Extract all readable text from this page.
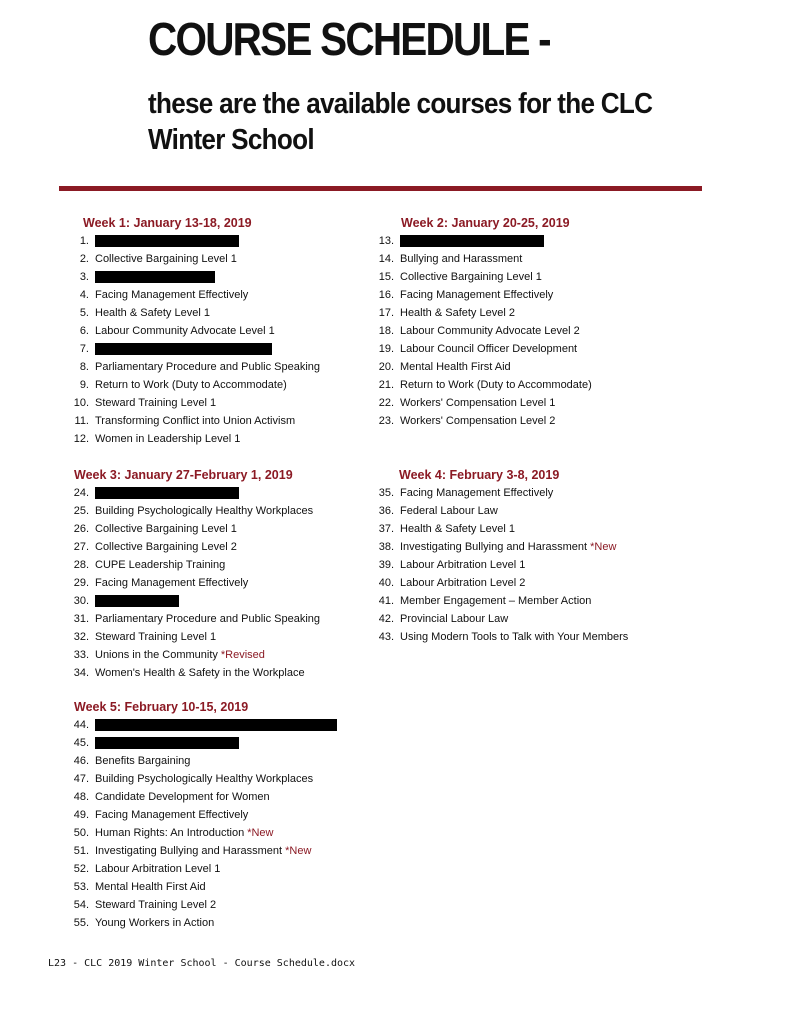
COURSE SCHEDULE -
these are the available courses for the CLC Winter School
Week 1: January 13-18, 2019
1. BCGEU Organizing Academy
2. Collective Bargaining Level 1
3. CUPW Leadership Skills
4. Facing Management Effectively
5. Health & Safety Level 1
6. Labour Community Advocate Level 1
7. MoveUP Strategic Planning Session
8. Parliamentary Procedure and Public Speaking
9. Return to Work (Duty to Accommodate)
10. Steward Training Level 1
11. Transforming Conflict into Union Activism
12. Women in Leadership Level 1
Week 2: January 20-25, 2019
13. BCGEU Organizing Academy
14. Bullying and Harassment
15. Collective Bargaining Level 1
16. Facing Management Effectively
17. Health & Safety Level 2
18. Labour Community Advocate Level 2
19. Labour Council Officer Development
20. Mental Health First Aid
21. Return to Work (Duty to Accommodate)
22. Workers' Compensation Level 1
23. Workers' Compensation Level 2
Week 3: January 27-February 1, 2019
24. BCGEU Organizing Academy
25. Building Psychologically Healthy Workplaces
26. Collective Bargaining Level 1
27. Collective Bargaining Level 2
28. CUPE Leadership Training
29. Facing Management Effectively
30. ILWU Leadership
31. Parliamentary Procedure and Public Speaking
32. Steward Training Level 1
33. Unions in the Community *Revised
34. Women's Health & Safety in the Workplace
Week 4: February 3-8, 2019
35. Facing Management Effectively
36. Federal Labour Law
37. Health & Safety Level 1
38. Investigating Bullying and Harassment *New
39. Labour Arbitration Level 1
40. Labour Arbitration Level 2
41. Member Engagement – Member Action
42. Provincial Labour Law
43. Using Modern Tools to Talk with Your Members
Week 5: February 10-15, 2019
44. BCFED Organizing Institute: Basics of Organizing
45. BCGEU Organizing Academy
46. Benefits Bargaining
47. Building Psychologically Healthy Workplaces
48. Candidate Development for Women
49. Facing Management Effectively
50. Human Rights: An Introduction *New
51. Investigating Bullying and Harassment *New
52. Labour Arbitration Level 1
53. Mental Health First Aid
54. Steward Training Level 2
55. Young Workers in Action
L23 - CLC 2019 Winter School - Course Schedule.docx
